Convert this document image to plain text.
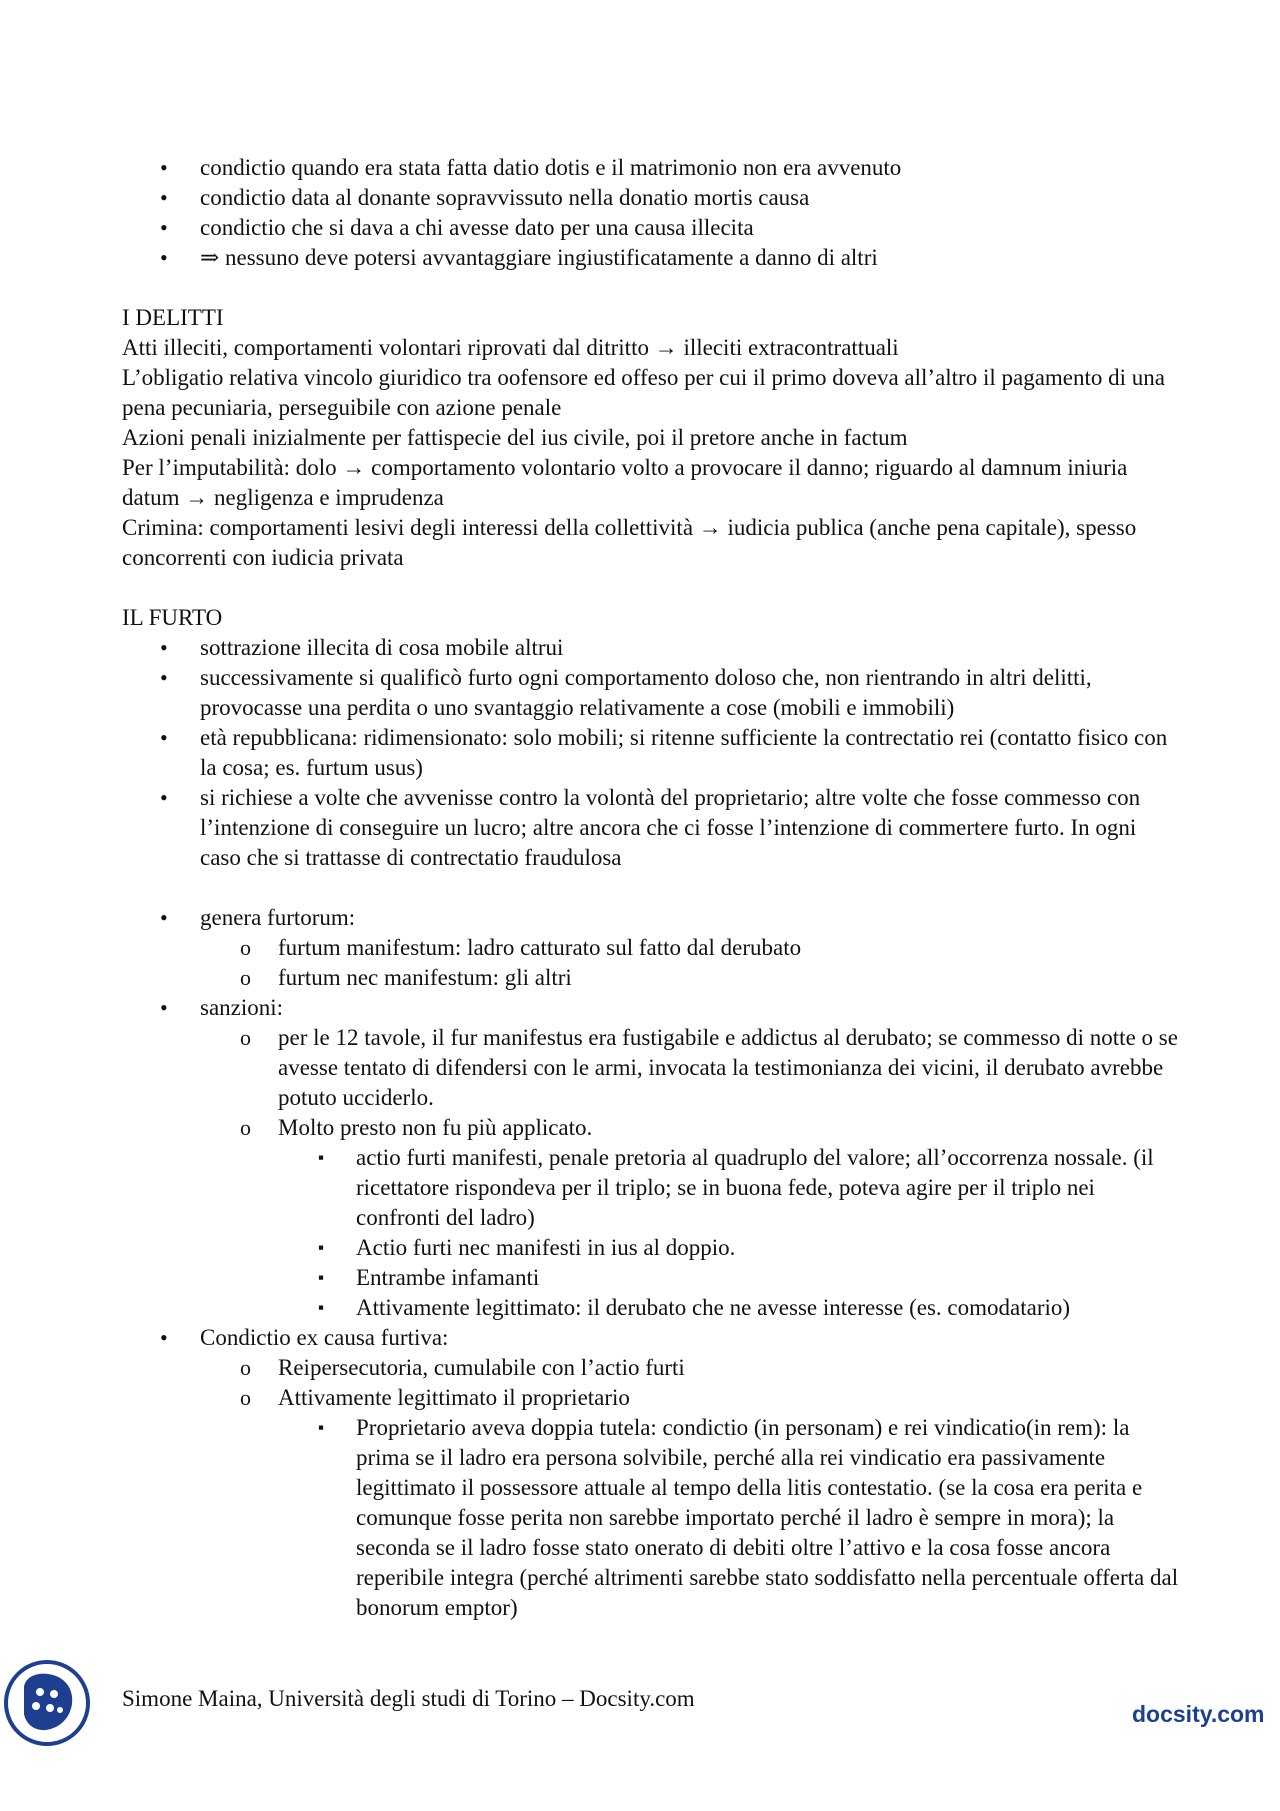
• condictio quando era stata fatta datio dotis e il matrimonio non era avvenuto
• condictio data al donante sopravvissuto nella donatio mortis causa
• condictio che si dava a chi avesse dato per una causa illecita
• ⇒ nessuno deve potersi avvantaggiare ingiustificatamente a danno di altri

I DELITTI

Atti illeciti, comportamenti volontari riprovati dal ditritto → illeciti extracontrattuali

L’obligatio relativa vincolo giuridico tra oofensore ed offeso per cui il primo doveva all’altro il pagamento di una pena pecuniaria, perseguibile con azione penale

Azioni penali inizialmente per fattispecie del ius civile, poi il pretore anche in factum

Per l’imputabilità: dolo → comportamento volontario volto a provocare il danno; riguardo al damnum iniuria datum → negligenza e imprudenza

Crimina: comportamenti lesivi degli interessi della collettività → iudicia publica (anche pena capitale), spesso concorrenti con iudicia privata

IL FURTO

• sottrazione illecita di cosa mobile altrui
• successivamente si qualificò furto ogni comportamento doloso che, non rientrando in altri delitti, provocasse una perdita o uno svantaggio relativamente a cose (mobili e immobili)
• età repubblicana: ridimensionato: solo mobili; si ritenne sufficiente la contrectatio rei (contatto fisico con la cosa; es. furtum usus)
• si richiese a volte che avvenisse contro la volontà del proprietario; altre volte che fosse commesso con l’intenzione di conseguire un lucro; altre ancora che ci fosse l’intenzione di commertere furto. In ogni caso che si trattasse di contrectatio fraudulosa
• genera furtorum:
o furtum manifestum: ladro catturato sul fatto dal derubato
o furtum nec manifestum: gli altri
• sanzioni:
o per le 12 tavole, il fur manifestus era fustigabile e addictus al derubato; se commesso di notte o se avesse tentato di difendersi con le armi, invocata la testimonianza dei vicini, il derubato avrebbe potuto ucciderlo.
o Molto presto non fu più applicato.
▪ actio furti manifesti, penale pretoria al quadruplo del valore; all’occorrenza nossale. (il ricettatore rispondeva per il triplo; se in buona fede, poteva agire per il triplo nei confronti del ladro)
▪ Actio furti nec manifesti in ius al doppio.
▪ Entrambe infamanti
▪ Attivamente legittimato: il derubato che ne avesse interesse (es. comodatario)
• Condictio ex causa furtiva:
o Reipersecutoria, cumulabile con l’actio furti
o Attivamente legittimato il proprietario
▪ Proprietario aveva doppia tutela: condictio (in personam) e rei vindicatio(in rem): la prima se il ladro era persona solvibile, perché alla rei vindicatio era passivamente legittimato il possessore attuale al tempo della litis contestatio. (se la cosa era perita e comunque fosse perita non sarebbe importato perché il ladro è sempre in mora); la seconda se il ladro fosse stato onerato di debiti oltre l’attivo e la cosa fosse ancora reperibile integra (perché altrimenti sarebbe stato soddisfatto nella percentuale offerta dal bonorum emptor)
Simone Maina, Università degli studi di Torino – Docsity.com
docsity.com
